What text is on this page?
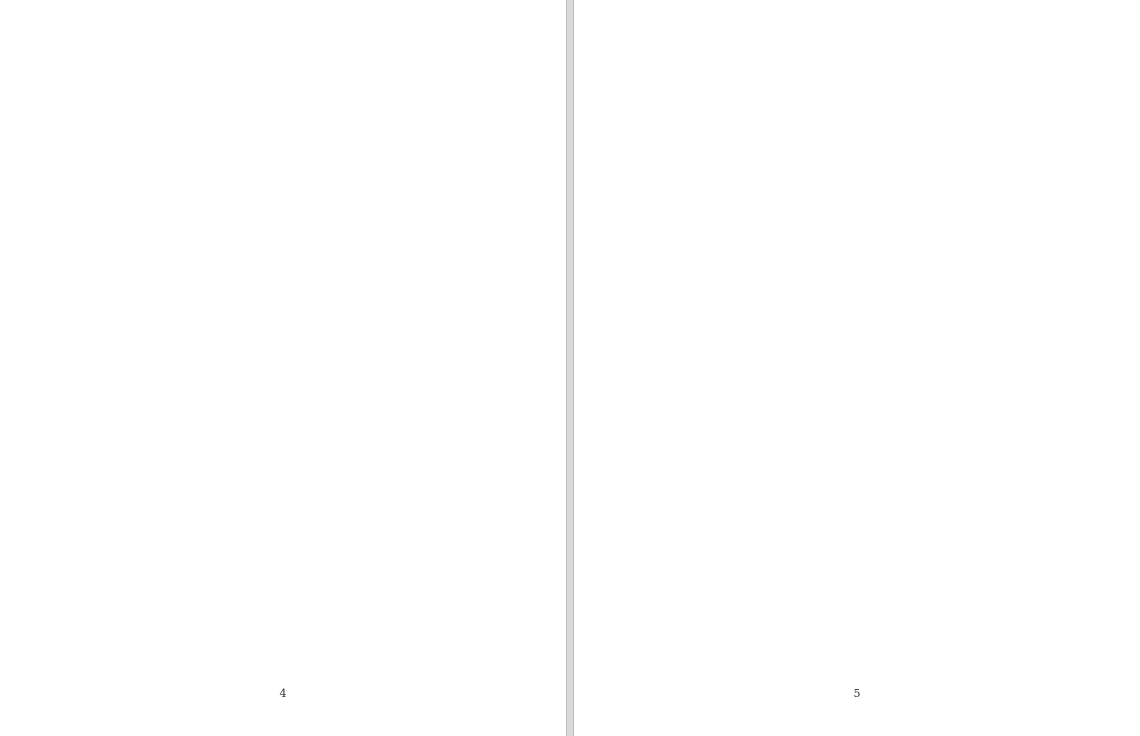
4	5
